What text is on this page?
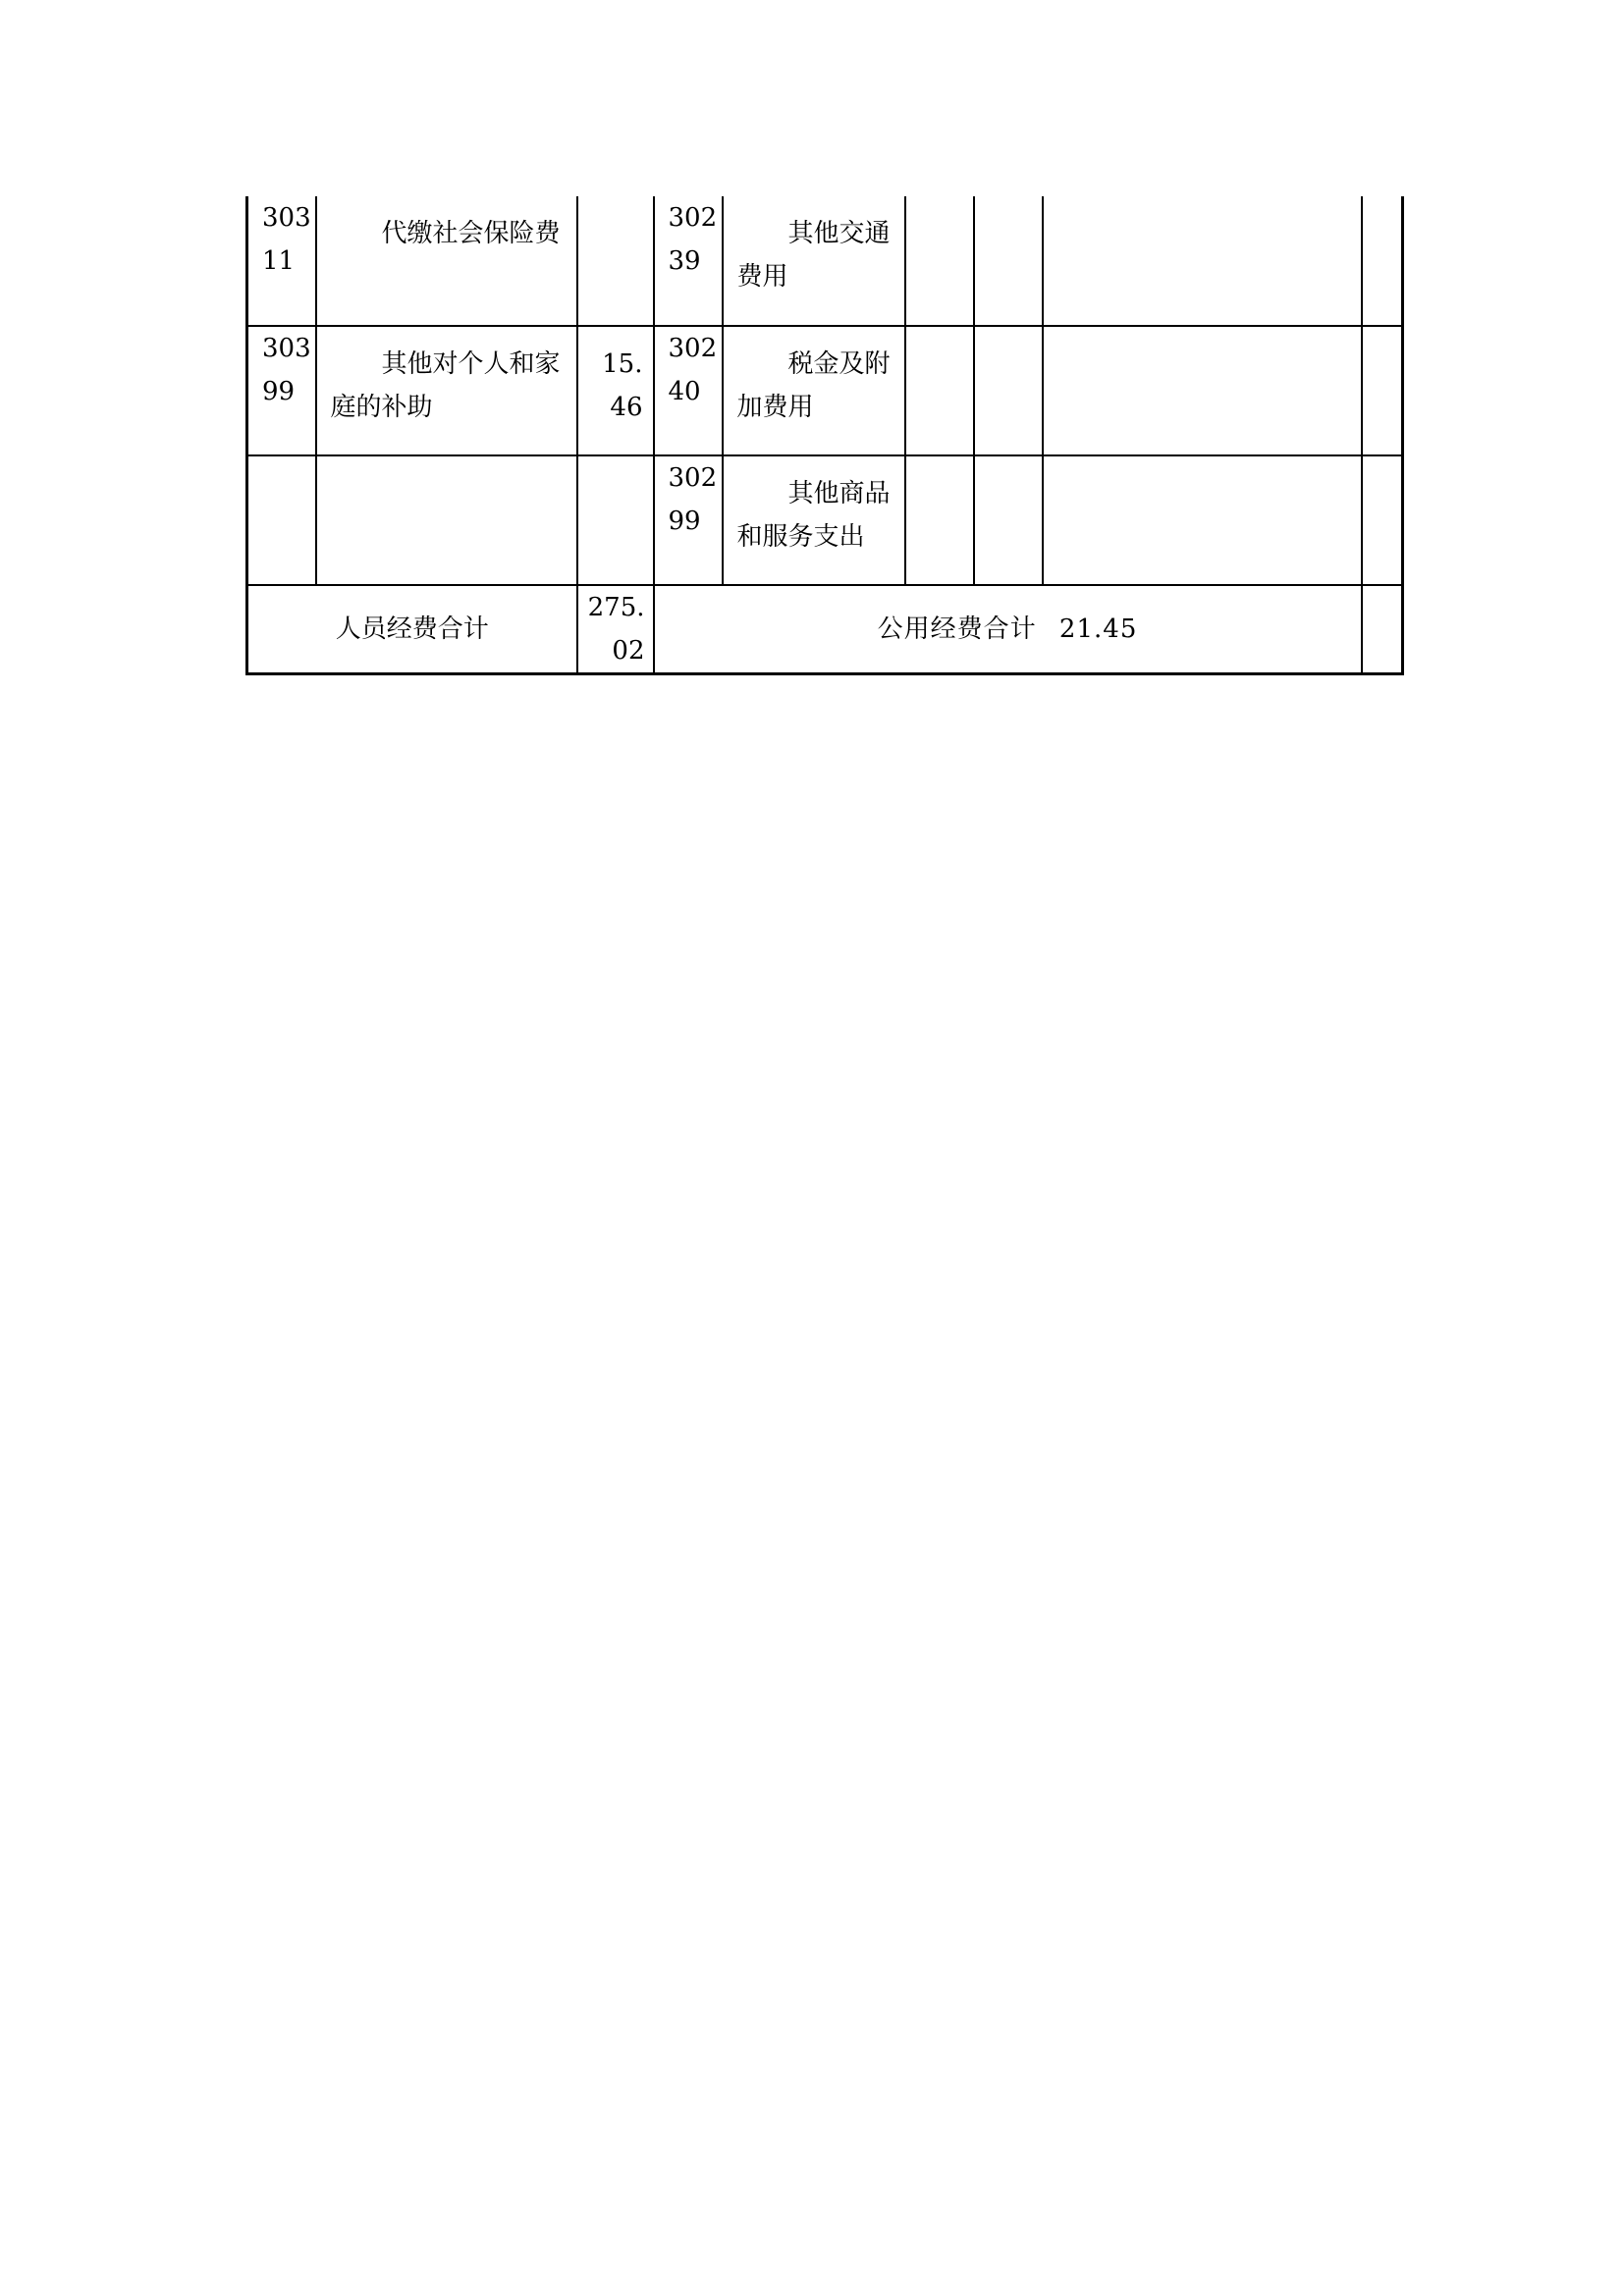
30311	代缴社会保险费		30239	其他交通费用				
30399	其他对个人和家庭的补助	15.46	30240	税金及附加费用				
			30299	其他商品和服务支出				
人员经费合计		275.02	公用经费合计 21.45					
